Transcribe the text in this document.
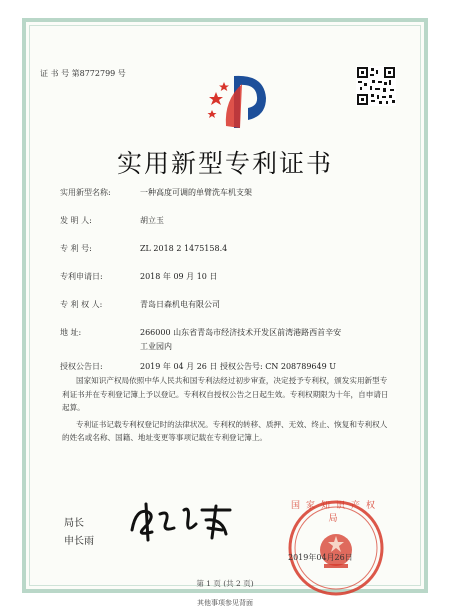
证 书 号 第8772799 号
实用新型专利证书
实用新型名称:	一种高度可调的单臂洗车机支架
发 明 人:	胡立玉
专 利 号:	ZL 2018 2 1475158.4
专利申请日:	2018 年 09 月 10 日
专 利 权 人:	青岛日森机电有限公司
地 址:	266000 山东省青岛市经济技术开发区前湾港路西首辛安
工业园内
授权公告日:	2019 年 04 月 26 日 授权公告号: CN 208789649 U

国家知识产权局依照中华人民共和国专利法经过初步审查，决定授予专利权，颁发实用新型专利证书并在专利登记簿上予以登记。专利权自授权公告之日起生效。专利权期限为十年，自申请日起算。

专利证书记载专利权登记时的法律状况。专利权的转移、质押、无效、终止、恢复和专利权人的姓名或名称、国籍、地址变更等事项记载在专利登记簿上。

局长
申长雨
国家知识产权局
2019年04月26日
第 1 页 (共 2 页)
其他事项参见背面
